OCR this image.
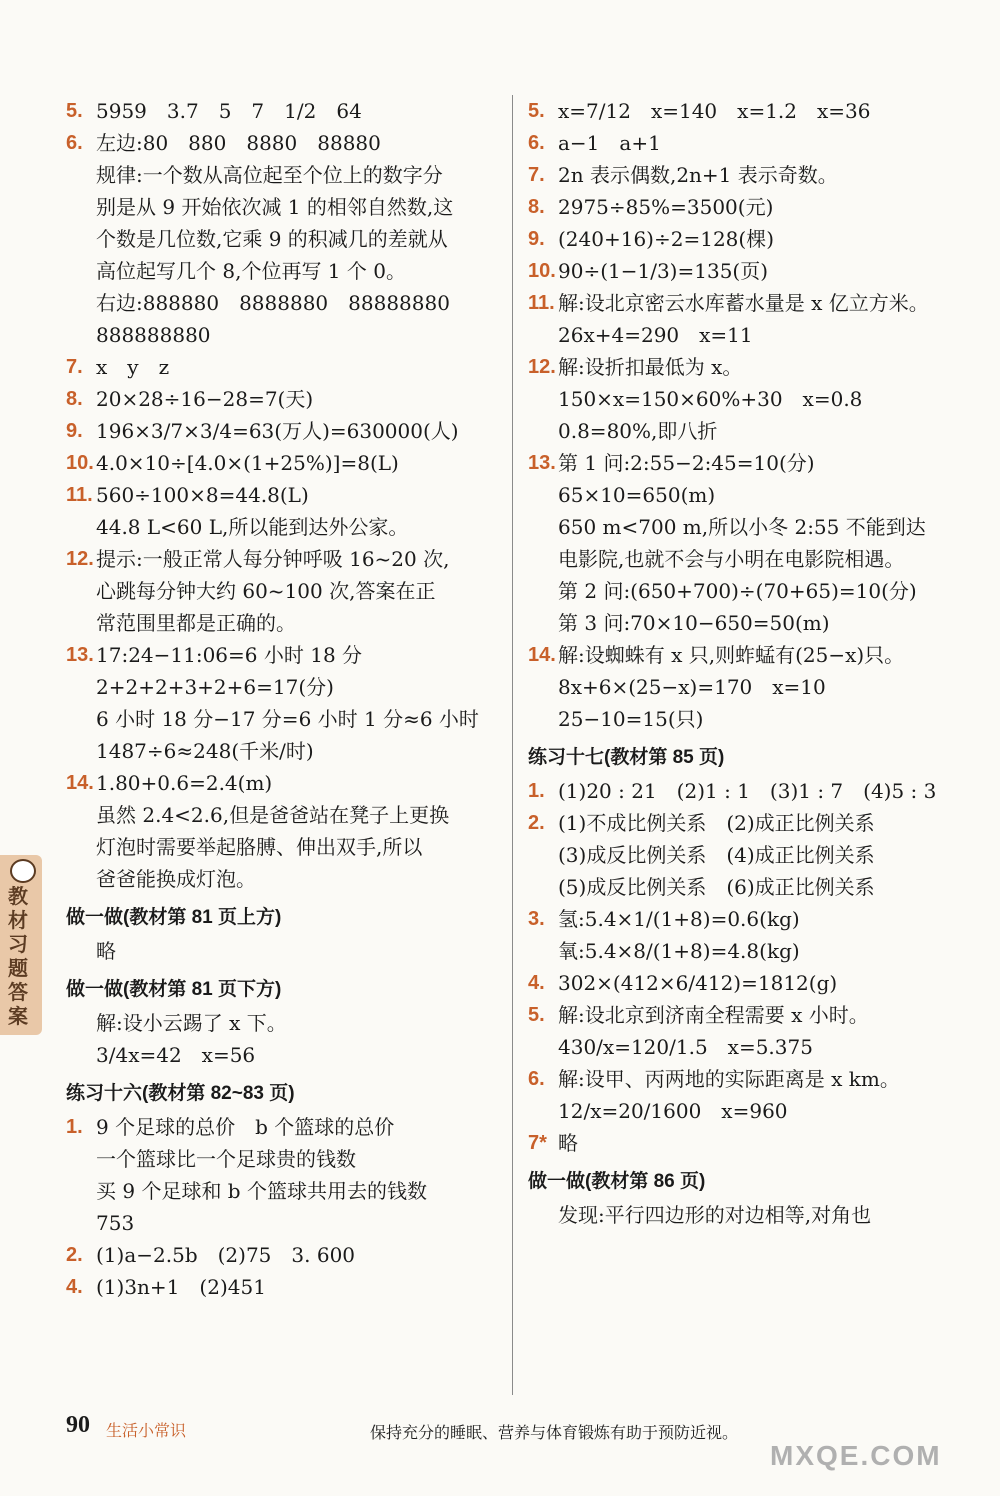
5. 5959　3.7　5　7　1/2　64
6. 左边:80　880　8880　88880
规律:一个数从高位起至个位上的数字分
别是从 9 开始依次减 1 的相邻自然数,这
个数是几位数,它乘 9 的积减几的差就从
高位起写几个 8,个位再写 1 个 0。
右边:888880　8888880　88888880
888888880
7. x　y　z
8. 20×28÷16−28=7(天)
9. 196×3/7×3/4=63(万人)=630000(人)
10. 4.0×10÷[4.0×(1+25%)]=8(L)
11. 560÷100×8=44.8(L)
44.8 L<60 L,所以能到达外公家。
12. 提示:一般正常人每分钟呼吸 16~20 次,
心跳每分钟大约 60~100 次,答案在正
常范围里都是正确的。
13. 17:24−11:06=6 小时 18 分
2+2+2+3+2+6=17(分)
6 小时 18 分−17 分=6 小时 1 分≈6 小时
1487÷6≈248(千米/时)
14. 1.80+0.6=2.4(m)
虽然 2.4<2.6,但是爸爸站在凳子上更换
灯泡时需要举起胳膊、伸出双手,所以
爸爸能换成灯泡。
做一做(教材第 81 页上方)
略
做一做(教材第 81 页下方)
解:设小云踢了 x 下。
3/4x=42　x=56
练习十六(教材第 82~83 页)
1. 9 个足球的总价　b 个篮球的总价
一个篮球比一个足球贵的钱数
买 9 个足球和 b 个篮球共用去的钱数
753
2. (1)a−2.5b　(2)75　3. 600
4. (1)3n+1　(2)451
5. x=7/12　x=140　x=1.2　x=36
6. a−1　a+1
7. 2n 表示偶数,2n+1 表示奇数。
8. 2975÷85%=3500(元)
9. (240+16)÷2=128(棵)
10. 90÷(1−1/3)=135(页)
11. 解:设北京密云水库蓄水量是 x 亿立方米。
26x+4=290　x=11
12. 解:设折扣最低为 x。
150×x=150×60%+30　x=0.8
0.8=80%,即八折
13. 第 1 问:2:55−2:45=10(分)
65×10=650(m)
650 m<700 m,所以小冬 2:55 不能到达
电影院,也就不会与小明在电影院相遇。
第 2 问:(650+700)÷(70+65)=10(分)
第 3 问:70×10−650=50(m)
14. 解:设蜘蛛有 x 只,则蚱蜢有(25−x)只。
8x+6×(25−x)=170　x=10
25−10=15(只)
练习十七(教材第 85 页)
1. (1)20 : 21　(2)1 : 1　(3)1 : 7　(4)5 : 3
2. (1)不成比例关系　(2)成正比例关系
(3)成反比例关系　(4)成正比例关系
(5)成反比例关系　(6)成正比例关系
3. 氢:5.4×1/(1+8)=0.6(kg)
氧:5.4×8/(1+8)=4.8(kg)
4. 302×(412×6/412)=1812(g)
5. 解:设北京到济南全程需要 x 小时。
430/x=120/1.5　x=5.375
6. 解:设甲、丙两地的实际距离是 x km。
12/x=20/1600　x=960
7* 略
做一做(教材第 86 页)
发现:平行四边形的对边相等,对角也
教材习题答案
90 生活小常识	保持充分的睡眠、营养与体育锻炼有助于预防近视。
MXQE.COM
